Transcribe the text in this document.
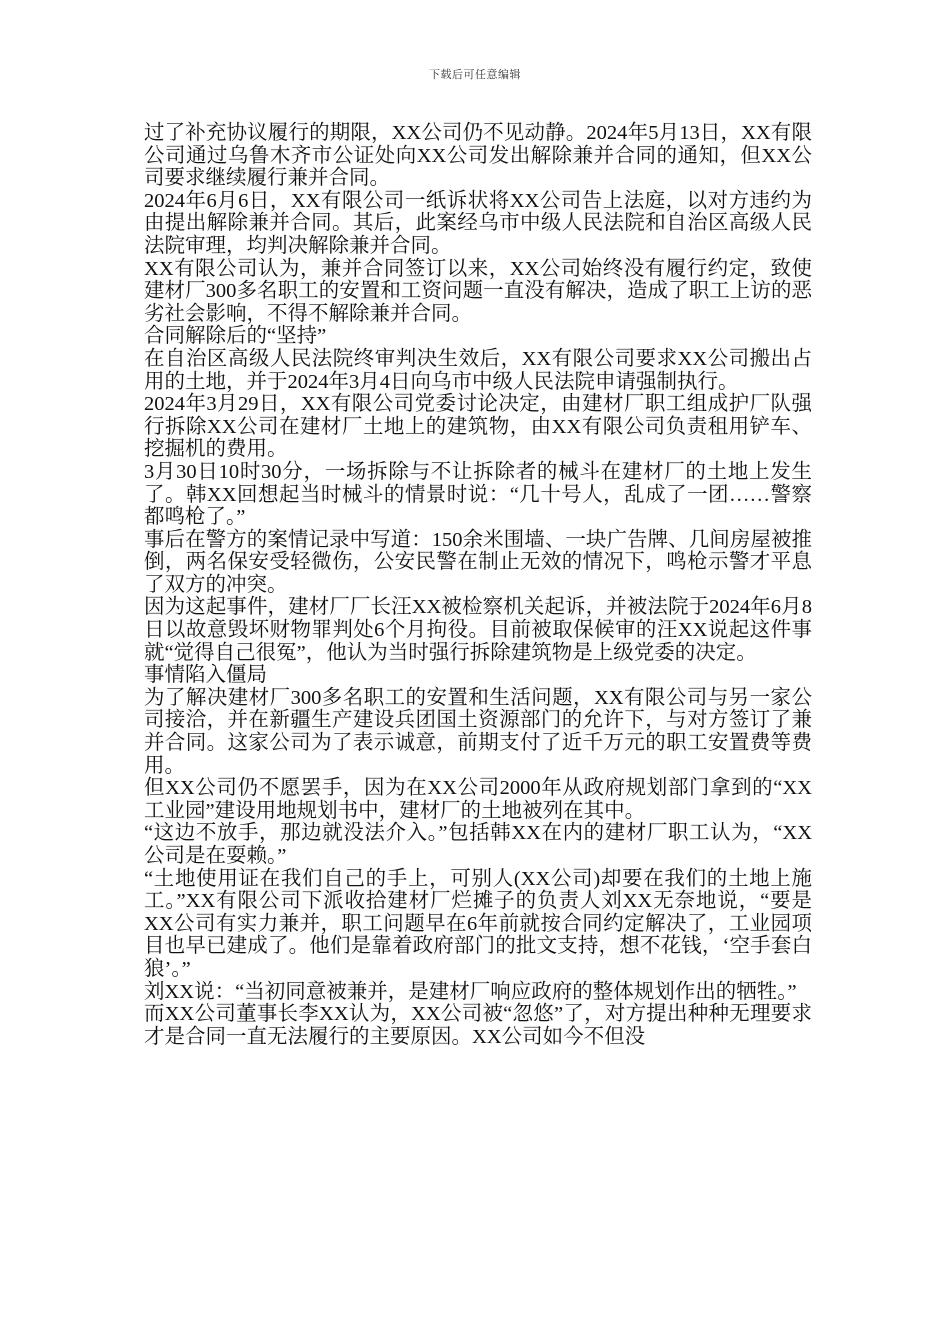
下载后可任意编辑

过了补充协议履行的期限，XX公司仍不见动静。2024年5月13日，XX有限公司通过乌鲁木齐市公证处向XX公司发出解除兼并合同的通知，但XX公司要求继续履行兼并合同。

2024年6月6日，XX有限公司一纸诉状将XX公司告上法庭，以对方违约为由提出解除兼并合同。其后，此案经乌市中级人民法院和自治区高级人民法院审理，均判决解除兼并合同。

XX有限公司认为，兼并合同签订以来，XX公司始终没有履行约定，致使建材厂300多名职工的安置和工资问题一直没有解决，造成了职工上访的恶劣社会影响，不得不解除兼并合同。

合同解除后的“坚持”

在自治区高级人民法院终审判决生效后，XX有限公司要求XX公司搬出占用的土地，并于2024年3月4日向乌市中级人民法院申请强制执行。

2024年3月29日，XX有限公司党委讨论决定，由建材厂职工组成护厂队强行拆除XX公司在建材厂土地上的建筑物，由XX有限公司负责租用铲车、挖掘机的费用。

3月30日10时30分，一场拆除与不让拆除者的械斗在建材厂的土地上发生了。韩XX回想起当时械斗的情景时说：“几十号人，乱成了一团……警察都鸣枪了。”

事后在警方的案情记录中写道：150余米围墙、一块广告牌、几间房屋被推倒，两名保安受轻微伤，公安民警在制止无效的情况下，鸣枪示警才平息了双方的冲突。

因为这起事件，建材厂厂长汪XX被检察机关起诉，并被法院于2024年6月8日以故意毁坏财物罪判处6个月拘役。目前被取保候审的汪XX说起这件事就“觉得自己很冤”，他认为当时强行拆除建筑物是上级党委的决定。

事情陷入僵局

为了解决建材厂300多名职工的安置和生活问题，XX有限公司与另一家公司接洽，并在新疆生产建设兵团国土资源部门的允许下，与对方签订了兼并合同。这家公司为了表示诚意，前期支付了近千万元的职工安置费等费用。

但XX公司仍不愿罢手，因为在XX公司2000年从政府规划部门拿到的“XX工业园”建设用地规划书中，建材厂的土地被列在其中。

“这边不放手，那边就没法介入。”包括韩XX在内的建材厂职工认为，“XX公司是在耍赖。”

“土地使用证在我们自己的手上，可别人(XX公司)却要在我们的土地上施工。”XX有限公司下派收拾建材厂烂摊子的负责人刘XX无奈地说，“要是XX公司有实力兼并，职工问题早在6年前就按合同约定解决了，工业园项目也早已建成了。他们是靠着政府部门的批文支持，想不花钱，‘空手套白狼’。”

刘XX说：“当初同意被兼并，是建材厂响应政府的整体规划作出的牺牲。”

而XX公司董事长李XX认为，XX公司被“忽悠”了，对方提出种种无理要求才是合同一直无法履行的主要原因。XX公司如今不但没
